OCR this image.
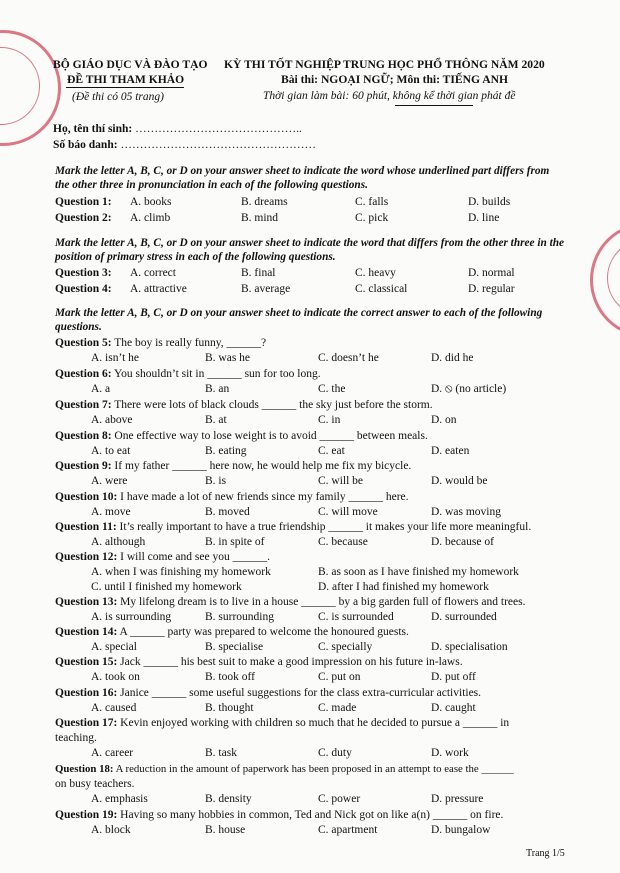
BỘ GIÁO DỤC VÀ ĐÀO TẠO
ĐỀ THI THAM KHẢO
(Đề thi có 05 trang)
KỲ THI TỐT NGHIỆP TRUNG HỌC PHỔ THÔNG NĂM 2020
Bài thi: NGOẠI NGỮ; Môn thi: TIẾNG ANH
Thời gian làm bài: 60 phút, không kể thời gian phát đề
Họ, tên thí sinh: ……………………………………..
Số báo danh: ……………………………………………
Mark the letter A, B, C, or D on your answer sheet to indicate the word whose underlined part differs from the other three in pronunciation in each of the following questions.
Question 1: A. books	B. dreams	C. falls	D. builds
Question 2: A. climb	B. mind	C. pick	D. line
Mark the letter A, B, C, or D on your answer sheet to indicate the word that differs from the other three in the position of primary stress in each of the following questions.
Question 3: A. correct	B. final	C. heavy	D. normal
Question 4: A. attractive	B. average	C. classical	D. regular
Mark the letter A, B, C, or D on your answer sheet to indicate the correct answer to each of the following questions.
Question 5: The boy is really funny, ______?
A. isn’t he	B. was he	C. doesn’t he	D. did he
Question 6: You shouldn’t sit in ______ sun for too long.
A. a	B. an	C. the	D. ⦸ (no article)
Question 7: There were lots of black clouds ______ the sky just before the storm.
A. above	B. at	C. in	D. on
Question 8: One effective way to lose weight is to avoid ______ between meals.
A. to eat	B. eating	C. eat	D. eaten
Question 9: If my father ______ here now, he would help me fix my bicycle.
A. were	B. is	C. will be	D. would be
Question 10: I have made a lot of new friends since my family ______ here.
A. move	B. moved	C. will move	D. was moving
Question 11: It’s really important to have a true friendship ______ it makes your life more meaningful.
A. although	B. in spite of	C. because	D. because of
Question 12: I will come and see you ______.
A. when I was finishing my homework	B. as soon as I have finished my homework
C. until I finished my homework	D. after I had finished my homework
Question 13: My lifelong dream is to live in a house ______ by a big garden full of flowers and trees.
A. is surrounding	B. surrounding	C. is surrounded	D. surrounded
Question 14: A ______ party was prepared to welcome the honoured guests.
A. special	B. specialise	C. specially	D. specialisation
Question 15: Jack ______ his best suit to make a good impression on his future in-laws.
A. took on	B. took off	C. put on	D. put off
Question 16: Janice ______ some useful suggestions for the class extra-curricular activities.
A. caused	B. thought	C. made	D. caught
Question 17: Kevin enjoyed working with children so much that he decided to pursue a ______ in
teaching.
A. career	B. task	C. duty	D. work
Question 18: A reduction in the amount of paperwork has been proposed in an attempt to ease the ______
on busy teachers.
A. emphasis	B. density	C. power	D. pressure
Question 19: Having so many hobbies in common, Ted and Nick got on like a(n) ______ on fire.
A. block	B. house	C. apartment	D. bungalow
Trang 1/5
